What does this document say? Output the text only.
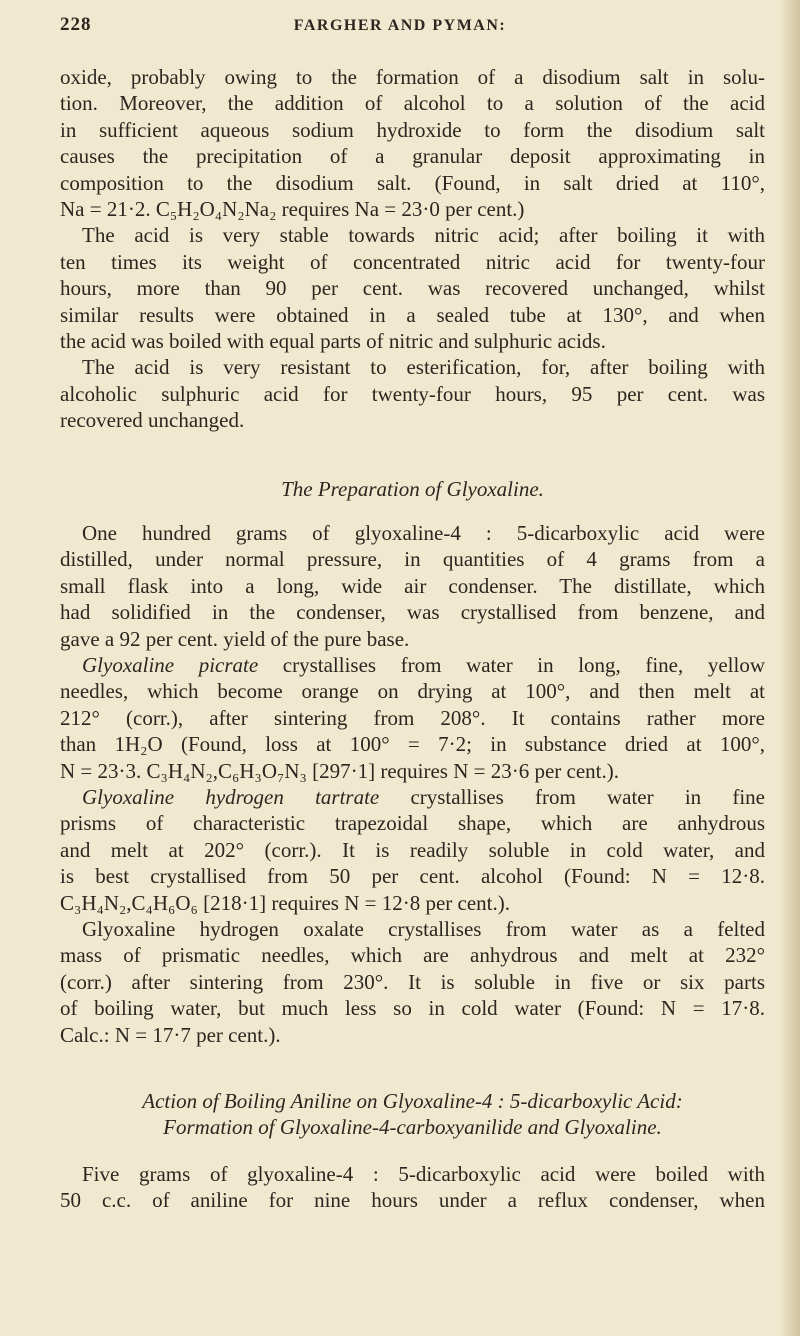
228	FARGHER AND PYMAN:
oxide, probably owing to the formation of a disodium salt in solu-
tion. Moreover, the addition of alcohol to a solution of the acid
in sufficient aqueous sodium hydroxide to form the disodium salt
causes the precipitation of a granular deposit approximating in
composition to the disodium salt. (Found, in salt dried at 110°,
Na = 21·2. C₅H₂O₄N₂Na₂ requires Na = 23·0 per cent.)
The acid is very stable towards nitric acid; after boiling it with
ten times its weight of concentrated nitric acid for twenty-four
hours, more than 90 per cent. was recovered unchanged, whilst
similar results were obtained in a sealed tube at 130°, and when
the acid was boiled with equal parts of nitric and sulphuric acids.
The acid is very resistant to esterification, for, after boiling with
alcoholic sulphuric acid for twenty-four hours, 95 per cent. was
recovered unchanged.
The Preparation of Glyoxaline.
One hundred grams of glyoxaline-4 : 5-dicarboxylic acid were
distilled, under normal pressure, in quantities of 4 grams from a
small flask into a long, wide air condenser. The distillate, which
had solidified in the condenser, was crystallised from benzene, and
gave a 92 per cent. yield of the pure base.
Glyoxaline picrate crystallises from water in long, fine, yellow
needles, which become orange on drying at 100°, and then melt at
212° (corr.), after sintering from 208°. It contains rather more
than 1H₂O (Found, loss at 100° = 7·2; in substance dried at 100°,
N = 23·3. C₃H₄N₂,C₆H₃O₇N₃ [297·1] requires N = 23·6 per cent.).
Glyoxaline hydrogen tartrate crystallises from water in fine
prisms of characteristic trapezoidal shape, which are anhydrous
and melt at 202° (corr.). It is readily soluble in cold water, and
is best crystallised from 50 per cent. alcohol (Found: N = 12·8.
C₃H₄N₂,C₄H₆O₆ [218·1] requires N = 12·8 per cent.).
Glyoxaline hydrogen oxalate crystallises from water as a felted
mass of prismatic needles, which are anhydrous and melt at 232°
(corr.) after sintering from 230°. It is soluble in five or six parts
of boiling water, but much less so in cold water (Found: N = 17·8.
Calc.: N = 17·7 per cent.).
Action of Boiling Aniline on Glyoxaline-4 : 5-dicarboxylic Acid:
Formation of Glyoxaline-4-carboxyanilide and Glyoxaline.
Five grams of glyoxaline-4 : 5-dicarboxylic acid were boiled with
50 c.c. of aniline for nine hours under a reflux condenser, when
